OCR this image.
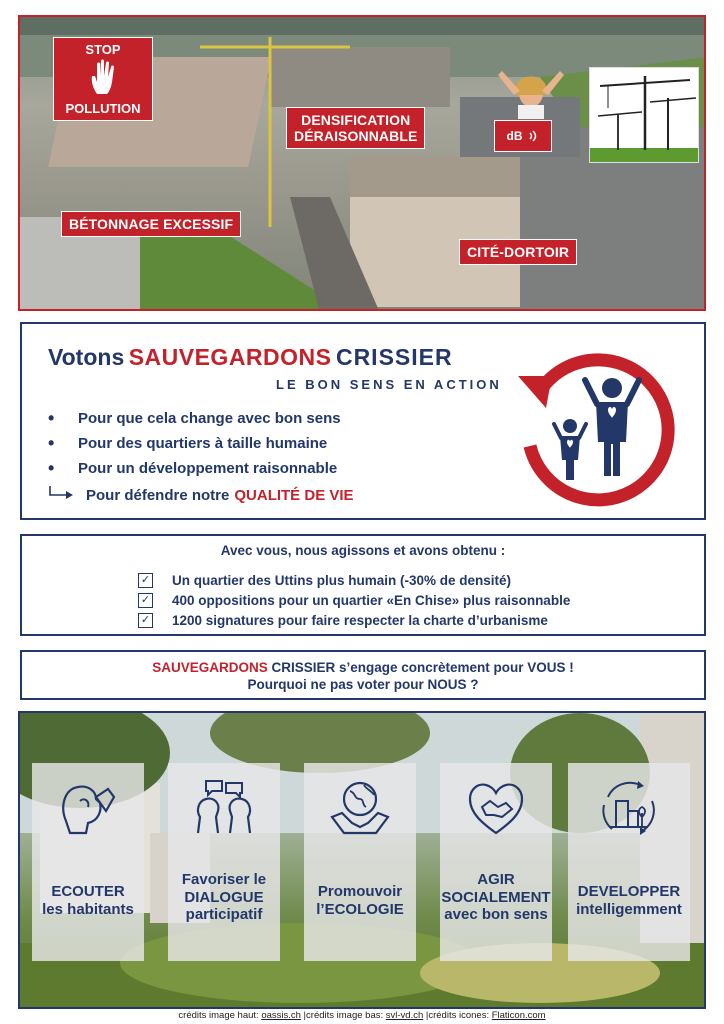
STOP
POLLUTION
DENSIFICATION
DÉRAISONNABLE	dB
BÉTONNAGE EXCESSIF
CITÉ-DORTOIR
Votons SAUVEGARDONS CRISSIER
LE BON SENS EN ACTION
•	Pour que cela change avec bon sens
•	Pour des quartiers à taille humaine
•	Pour un développement raisonnable
Pour défendre notre QUALITÉ DE VIE
Avec vous, nous agissons et avons obtenu :
✓ Un quartier des Uttins plus humain (-30% de densité)
✓ 400 oppositions pour un quartier «En Chise» plus raisonnable
✓ 1200 signatures pour faire respecter la charte d’urbanisme
SAUVEGARDONS CRISSIER s’engage concrètement pour VOUS !
Pourquoi ne pas voter pour NOUS ?
ECOUTER
les habitants
Favoriser le
DIALOGUE
participatif
Promouvoir
l’ECOLOGIE
AGIR
SOCIALEMENT
avec bon sens
DEVELOPPER
intelligemment
crédits image haut: oassis.ch |crédits image bas: svl-vd.ch |crédits icones: Flaticon.com
